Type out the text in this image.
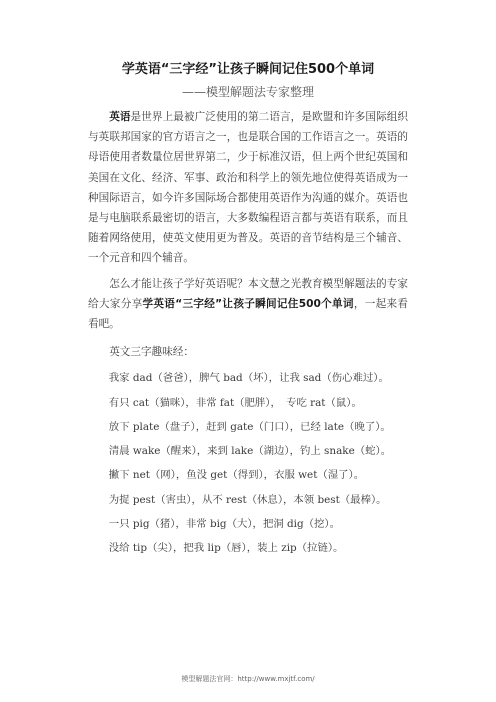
学英语“三字经”让孩子瞬间记住500个单词
——模型解题法专家整理

英语是世界上最被广泛使用的第二语言，是欧盟和许多国际组织与英联邦国家的官方语言之一，也是联合国的工作语言之一。英语的母语使用者数量位居世界第二，少于标准汉语，但上两个世纪英国和美国在文化、经济、军事、政治和科学上的领先地位使得英语成为一种国际语言，如今许多国际场合都使用英语作为沟通的媒介。英语也是与电脑联系最密切的语言，大多数编程语言都与英语有联系，而且随着网络使用，使英文使用更为普及。英语的音节结构是三个辅音、一个元音和四个辅音。

怎么才能让孩子学好英语呢？本文慧之光教育模型解题法的专家给大家分享学英语“三字经”让孩子瞬间记住500个单词，一起来看看吧。

英文三字趣味经：

我家 dad（爸爸），脾气 bad（坏），让我 sad（伤心难过）。
有只 cat（猫咪），非常 fat（肥胖），　专吃 rat（鼠）。
放下 plate（盘子），赶到 gate（门口），已经 late（晚了）。
清晨 wake（醒来），来到 lake（湖边），钓上 snake（蛇）。
撇下 net（网），鱼没 get（得到），衣服 wet（湿了）。
为捉 pest（害虫），从不 rest（休息），本领 best（最棒）。
一只 pig（猪），非常 big（大），把洞 dig（挖）。
没给 tip（尖），把我 lip（唇），装上 zip（拉链）。
模型解题法官网：http://www.mxjtf.com/
